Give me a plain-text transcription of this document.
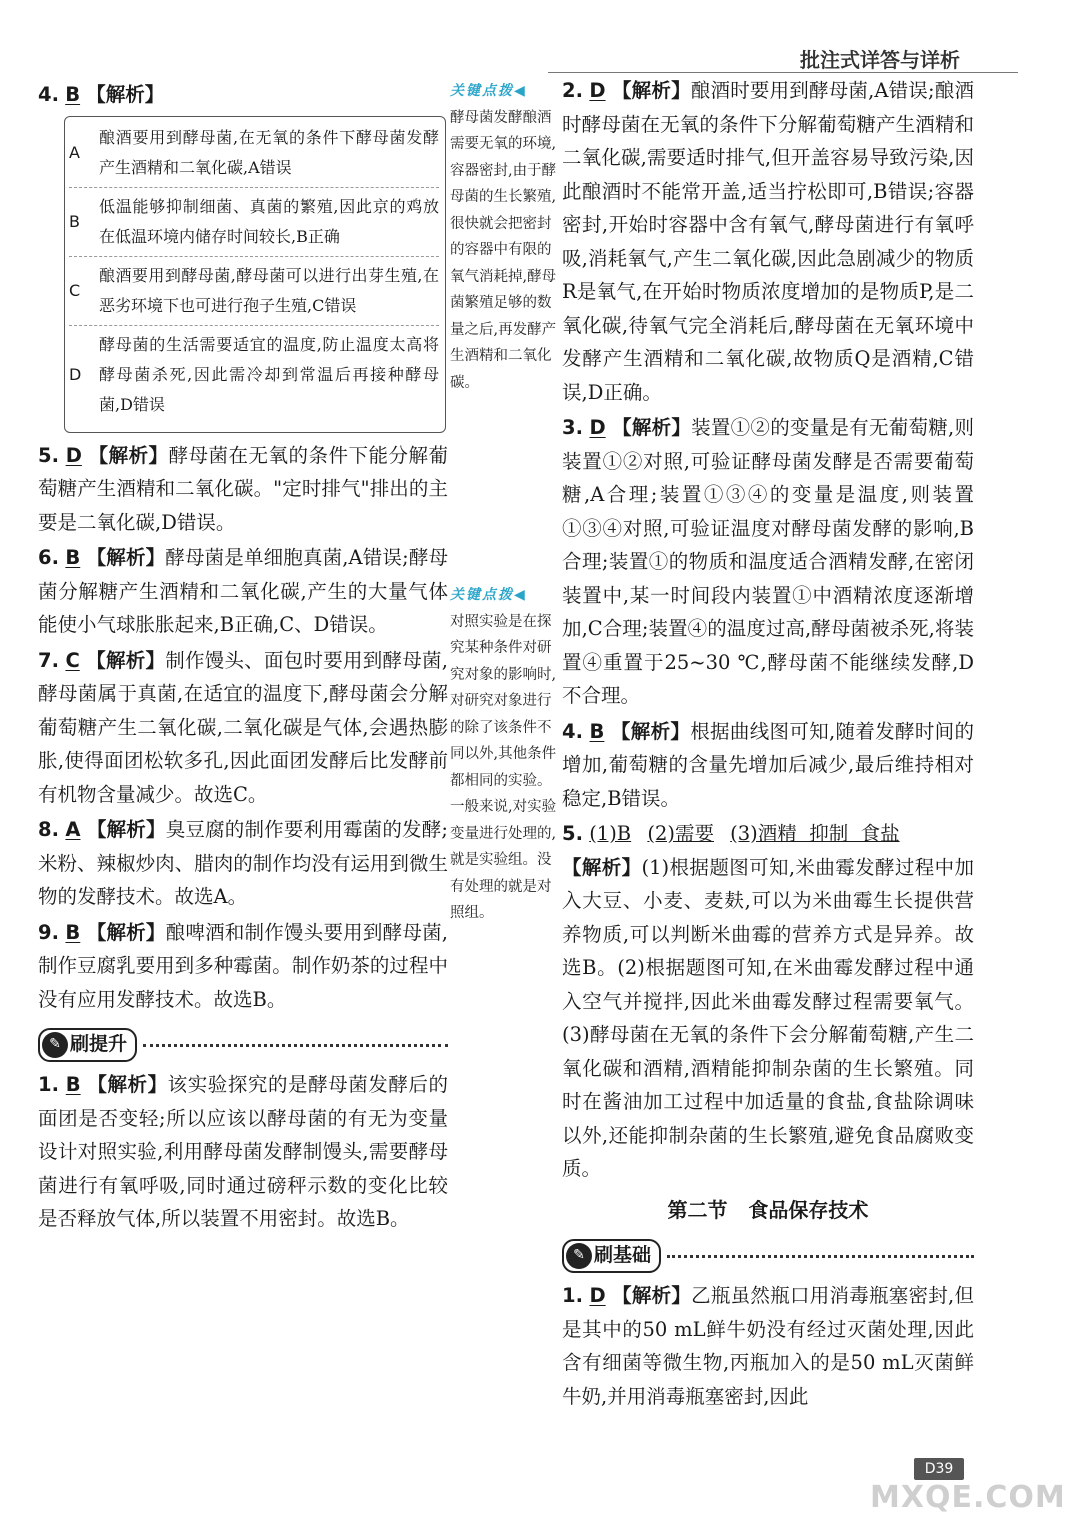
批注式详答与详析
4. B 【解析】
A
酿酒要用到酵母菌,在无氧的条件下酵母菌发酵产生酒精和二氧化碳,A错误
B
低温能够抑制细菌、真菌的繁殖,因此京的鸡放在低温环境内储存时间较长,B正确
C
酿酒要用到酵母菌,酵母菌可以进行出芽生殖,在恶劣环境下也可进行孢子生殖,C错误
D
酵母菌的生活需要适宜的温度,防止温度太高将酵母菌杀死,因此需冷却到常温后再接种酵母菌,D错误
5. D 【解析】酵母菌在无氧的条件下能分解葡萄糖产生酒精和二氧化碳。"定时排气"排出的主要是二氧化碳,D错误。
6. B 【解析】酵母菌是单细胞真菌,A错误;酵母菌分解糖产生酒精和二氧化碳,产生的大量气体能使小气球胀胀起来,B正确,C、D错误。
7. C 【解析】制作馒头、面包时要用到酵母菌,酵母菌属于真菌,在适宜的温度下,酵母菌会分解葡萄糖产生二氧化碳,二氧化碳是气体,会遇热膨胀,使得面团松软多孔,因此面团发酵后比发酵前有机物含量减少。故选C。
8. A 【解析】臭豆腐的制作要利用霉菌的发酵;米粉、辣椒炒肉、腊肉的制作均没有运用到微生物的发酵技术。故选A。
9. B 【解析】酿啤酒和制作馒头要用到酵母菌,制作豆腐乳要用到多种霉菌。制作奶茶的过程中没有应用发酵技术。故选B。
✎ 刷提升
1. B 【解析】该实验探究的是酵母菌发酵后的面团是否变轻;所以应该以酵母菌的有无为变量设计对照实验,利用酵母菌发酵制馒头,需要酵母菌进行有氧呼吸,同时通过磅秤示数的变化比较是否释放气体,所以装置不用密封。故选B。
关键点拨◀
酵母菌发酵酿酒需要无氧的环境,容器密封,由于酵母菌的生长繁殖,很快就会把密封的容器中有限的氧气消耗掉,酵母菌繁殖足够的数量之后,再发酵产生酒精和二氧化碳。
关键点拨◀
对照实验是在探究某种条件对研究对象的影响时,对研究对象进行的除了该条件不同以外,其他条件都相同的实验。一般来说,对实验变量进行处理的,就是实验组。没有处理的就是对照组。
2. D 【解析】酿酒时要用到酵母菌,A错误;酿酒时酵母菌在无氧的条件下分解葡萄糖产生酒精和二氧化碳,需要适时排气,但开盖容易导致污染,因此酿酒时不能常开盖,适当拧松即可,B错误;容器密封,开始时容器中含有氧气,酵母菌进行有氧呼吸,消耗氧气,产生二氧化碳,因此急剧减少的物质R是氧气,在开始时物质浓度增加的是物质P,是二氧化碳,待氧气完全消耗后,酵母菌在无氧环境中发酵产生酒精和二氧化碳,故物质Q是酒精,C错误,D正确。
3. D 【解析】装置①②的变量是有无葡萄糖,则装置①②对照,可验证酵母菌发酵是否需要葡萄糖,A合理;装置①③④的变量是温度,则装置①③④对照,可验证温度对酵母菌发酵的影响,B合理;装置①的物质和温度适合酒精发酵,在密闭装置中,某一时间段内装置①中酒精浓度逐渐增加,C合理;装置④的温度过高,酵母菌被杀死,将装置④重置于25~30 ℃,酵母菌不能继续发酵,D不合理。
4. B 【解析】根据曲线图可知,随着发酵时间的增加,葡萄糖的含量先增加后减少,最后维持相对稳定,B错误。
5. (1)B (2)需要 (3)酒精  抑制  食盐
【解析】(1)根据题图可知,米曲霉发酵过程中加入大豆、小麦、麦麸,可以为米曲霉生长提供营养物质,可以判断米曲霉的营养方式是异养。故选B。(2)根据题图可知,在米曲霉发酵过程中通入空气并搅拌,因此米曲霉发酵过程需要氧气。(3)酵母菌在无氧的条件下会分解葡萄糖,产生二氧化碳和酒精,酒精能抑制杂菌的生长繁殖。同时在酱油加工过程中加适量的食盐,食盐除调味以外,还能抑制杂菌的生长繁殖,避免食品腐败变质。
第二节   食品保存技术
✎ 刷基础
1. D 【解析】乙瓶虽然瓶口用消毒瓶塞密封,但是其中的50 mL鲜牛奶没有经过灭菌处理,因此含有细菌等微生物,丙瓶加入的是50 mL灭菌鲜牛奶,并用消毒瓶塞密封,因此
D39
MXQE.COM
